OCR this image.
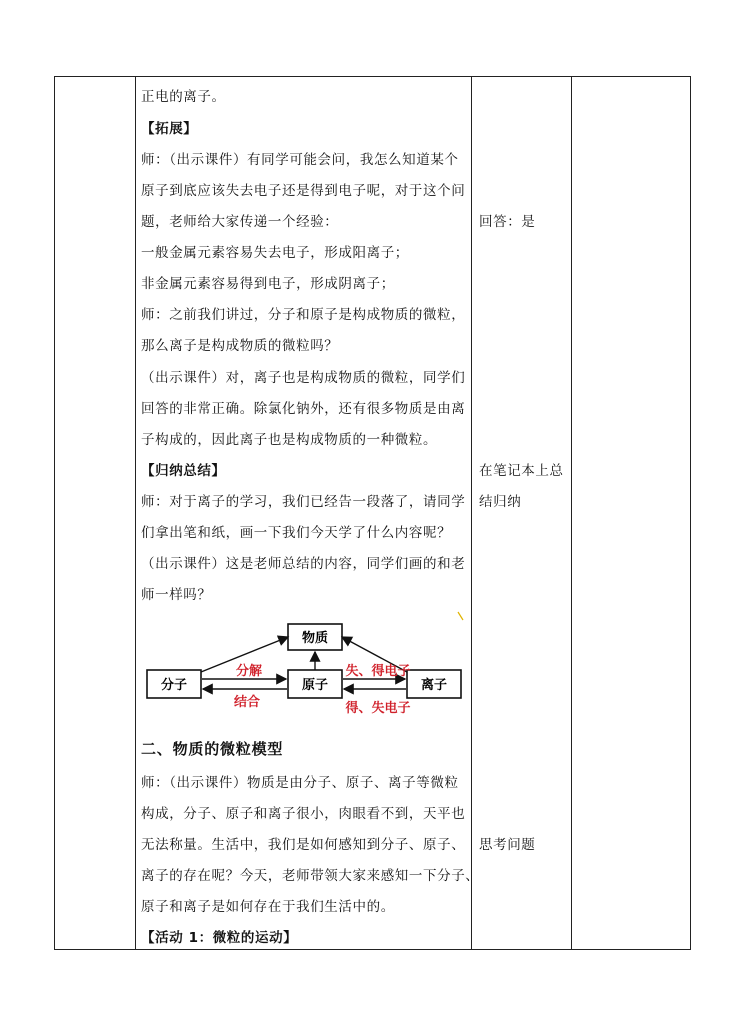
正电的离子。
【拓展】
师：（出示课件）有同学可能会问，我怎么知道某个
原子到底应该失去电子还是得到电子呢，对于这个问
题，老师给大家传递一个经验：
一般金属元素容易失去电子，形成阳离子；
非金属元素容易得到电子，形成阴离子；
师：之前我们讲过，分子和原子是构成物质的微粒，
那么离子是构成物质的微粒吗？
（出示课件）对，离子也是构成物质的微粒，同学们
回答的非常正确。除氯化钠外，还有很多物质是由离
子构成的，因此离子也是构成物质的一种微粒。
【归纳总结】
师：对于离子的学习，我们已经告一段落了，请同学
们拿出笔和纸，画一下我们今天学了什么内容呢？
（出示课件）这是老师总结的内容，同学们画的和老
师一样吗？
二、物质的微粒模型
师：（出示课件）物质是由分子、原子、离子等微粒
构成，分子、原子和离子很小，肉眼看不到，天平也
无法称量。生活中，我们是如何感知到分子、原子、
离子的存在呢？今天，老师带领大家来感知一下分子、
原子和离子是如何存在于我们生活中的。
【活动 1：微粒的运动】
回答：是
在笔记本上总
结归纳
思考问题
物质
分子	原子	离子
分解
结合
失、得电子
得、失电子
